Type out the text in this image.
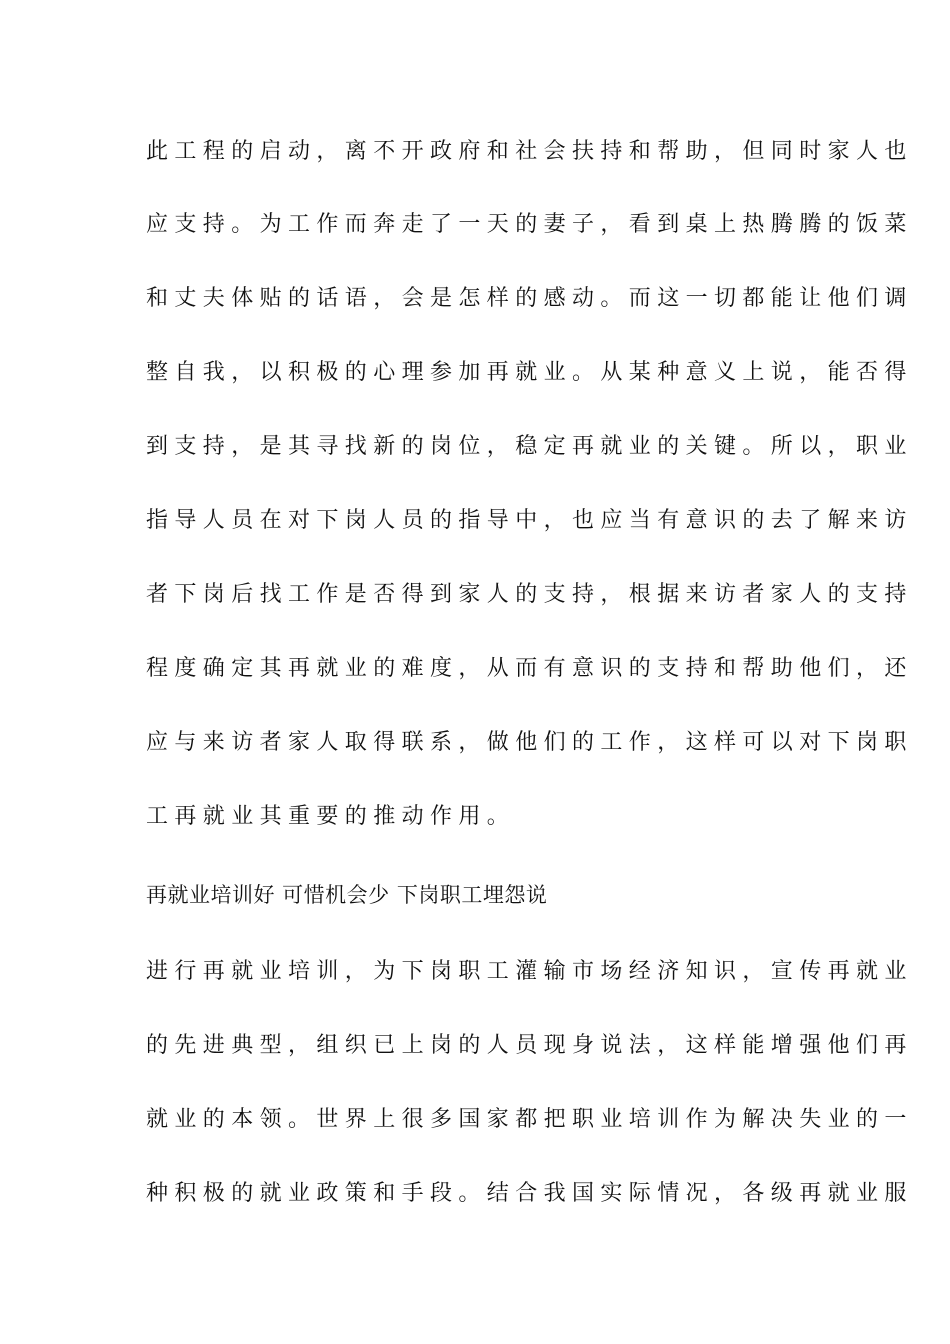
此工程的启动，离不开政府和社会扶持和帮助，但同时家人也
应支持。为工作而奔走了一天的妻子，看到桌上热腾腾的饭菜
和丈夫体贴的话语，会是怎样的感动。而这一切都能让他们调
整自我，以积极的心理参加再就业。从某种意义上说，能否得
到支持，是其寻找新的岗位，稳定再就业的关键。所以，职业
指导人员在对下岗人员的指导中，也应当有意识的去了解来访
者下岗后找工作是否得到家人的支持，根据来访者家人的支持
程度确定其再就业的难度，从而有意识的支持和帮助他们，还
应与来访者家人取得联系，做他们的工作，这样可以对下岗职
工再就业其重要的推动作用。
再就业培训好 可惜机会少 下岗职工埋怨说
进行再就业培训，为下岗职工灌输市场经济知识，宣传再就业
的先进典型，组织已上岗的人员现身说法，这样能增强他们再
就业的本领。世界上很多国家都把职业培训作为解决失业的一
种积极的就业政策和手段。结合我国实际情况，各级再就业服
